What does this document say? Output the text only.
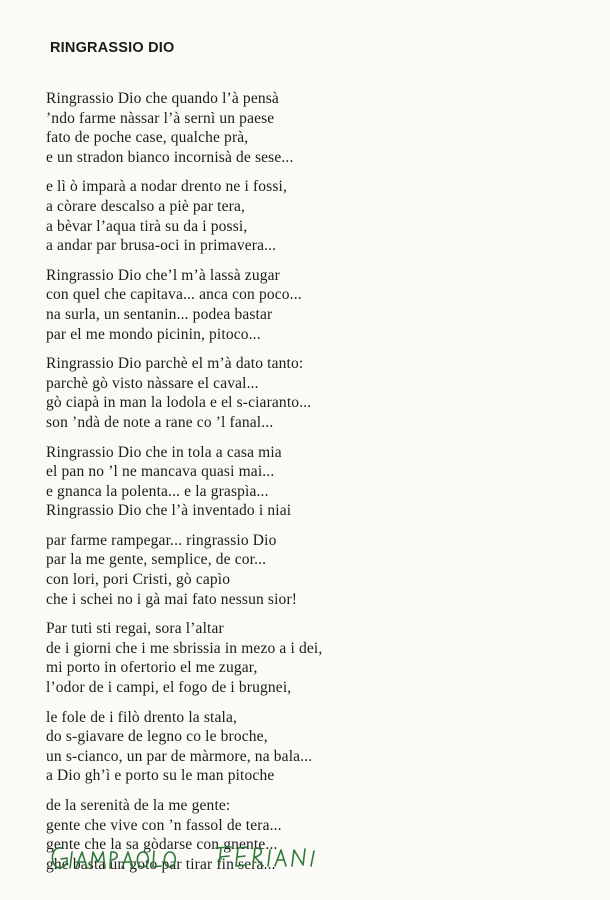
RINGRASSIO DIO
Ringrassio Dio che quando l’à pensà
’ndo farme nàssar l’à sernì un paese
fato de poche case, qualche prà,
e un stradon bianco incornisà de sese...
e lì ò imparà a nodar drento ne i fossi,
a còrare descalso a piè par tera,
a bèvar l’aqua tirà su da i possi,
a andar par brusa-oci in primavera...
Ringrassio Dio che’l m’à lassà zugar
con quel che capitava... anca con poco...
na surla, un sentanin... podea bastar
par el me mondo picinin, pitoco...
Ringrassio Dio parchè el m’à dato tanto:
parchè gò visto nàssare el caval...
gò ciapà in man la lodola e el s-ciaranto...
son ’ndà de note a rane co ’l fanal...
Ringrassio Dio che in tola a casa mia
el pan no ’l ne mancava quasi mai...
e gnanca la polenta... e la graspìa...
Ringrassio Dio che l’à inventado i niai
par farme rampegar... ringrassio Dio
par la me gente, semplice, de cor...
con lori, pori Cristi, gò capìo
che i schei no i gà mai fato nessun sior!
Par tuti sti regai, sora l’altar
de i giorni che i me sbrissia in mezo a i dei,
mi porto in ofertorio el me zugar,
l’odor de i campi, el fogo de i brugnei,
le fole de i filò drento la stala,
do s-giavare de legno co le broche,
un s-cianco, un par de màrmore, na bala...
a Dio gh’ì e porto su le man pitoche
de la serenità de la me gente:
gente che vive con ’n fassol de tera...
gente che la sa gòdarse con gnente...
ghe basta un goto par tirar fin sera...
